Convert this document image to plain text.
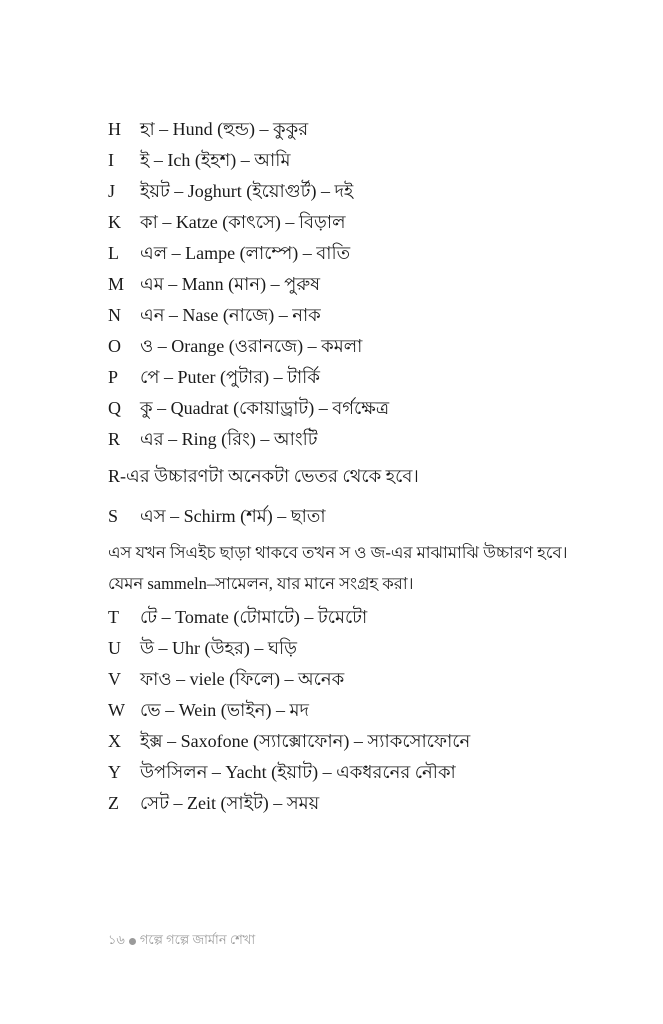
H হা – Hund (হুন্ড) – কুকুর
I ই – Ich (ইহশ) – আমি
J ইয়ট – Joghurt (ইয়োগুর্ট) – দই
K কা – Katze (কাৎসে) – বিড়াল
L এল – Lampe (লাম্পে) – বাতি
M এম – Mann (মান) – পুরুষ
N এন – Nase (নাজে) – নাক
O ও – Orange (ওরানজে) – কমলা
P পে – Puter (পুটার) – টার্কি
Q কু – Quadrat (কোয়াড্রাট) – বর্গক্ষেত্র
R এর – Ring (রিং) – আংটি
R-এর উচ্চারণটা অনেকটা ভেতর থেকে হবে।
S এস – Schirm (শর্ম) – ছাতা
এস যখন সিএইচ ছাড়া থাকবে তখন স ও জ-এর মাঝামাঝি উচ্চারণ হবে। যেমন sammeln–সামেলন, যার মানে সংগ্রহ করা।
T টে – Tomate (টোমাটে) – টমেটো
U উ – Uhr (উহর) – ঘড়ি
V ফাও – viele (ফিলে) – অনেক
W ভে – Wein (ভাইন) – মদ
X ইক্স – Saxofone (স্যাক্সোফোন) – স্যাকসোফোনে
Y উপসিলন – Yacht (ইয়াট) – একধরনের নৌকা
Z সেট – Zeit (সাইট) – সময়
১৬ গল্পে গল্পে জার্মান শেখা
